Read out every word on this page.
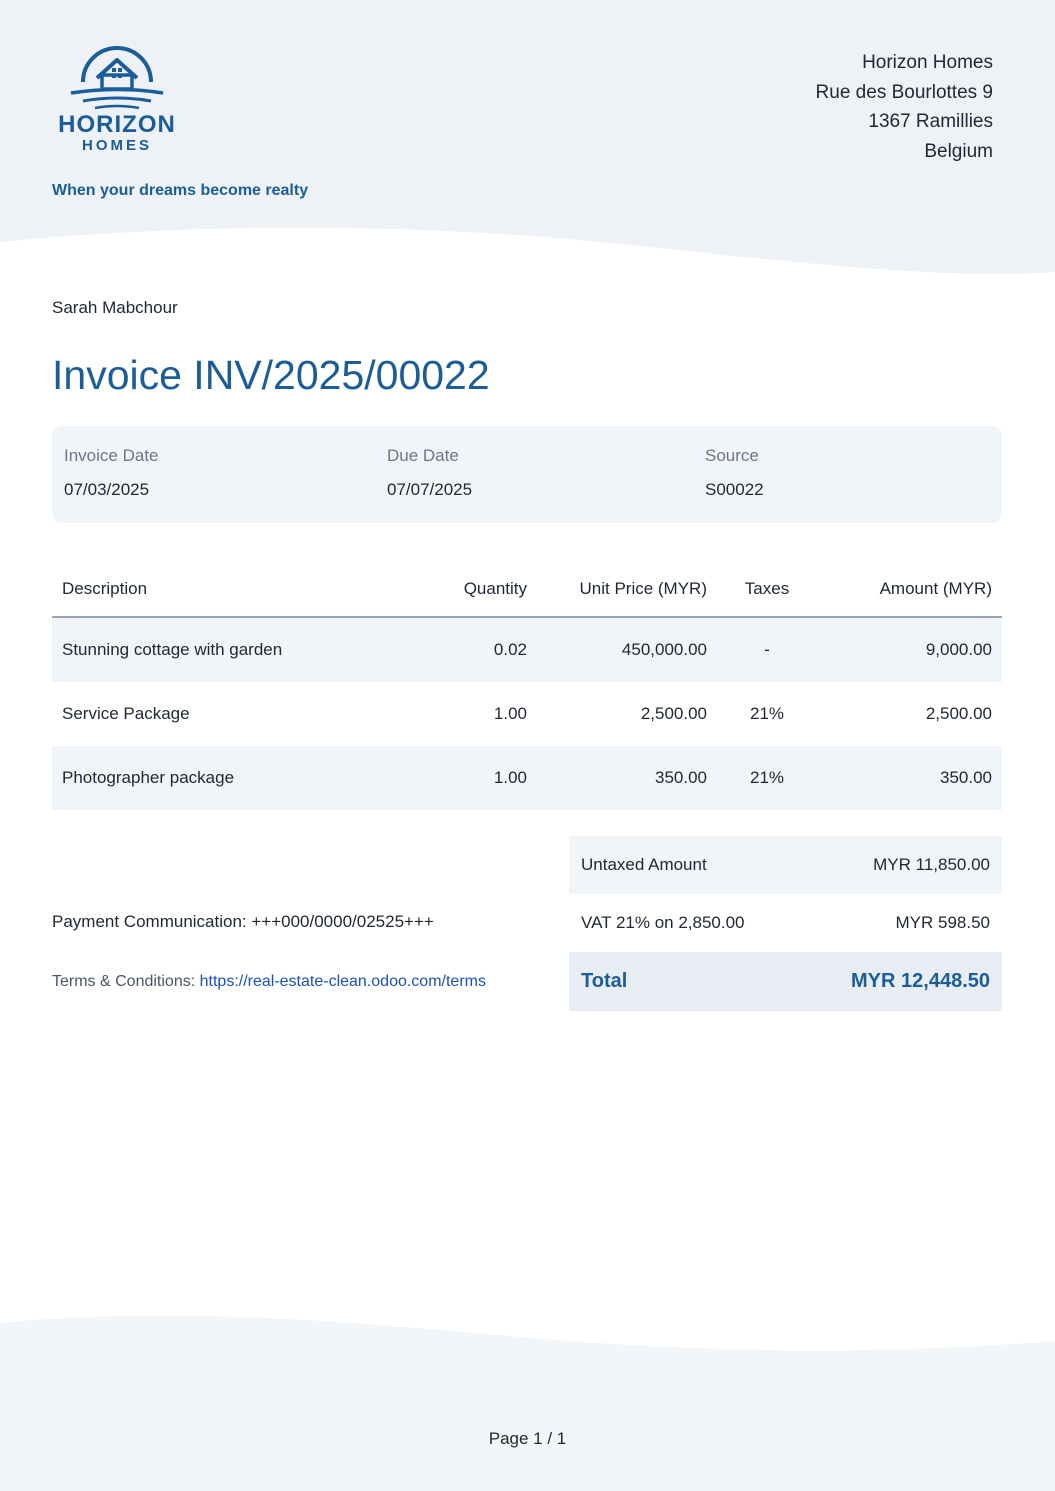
HORIZON
HOMES
When your dreams become realty
Horizon Homes
Rue des Bourlottes 9
1367 Ramillies
Belgium
Sarah Mabchour
Invoice INV/2025/00022
Invoice Date
07/03/2025
Due Date
07/07/2025
Source
S00022
Description	Quantity	Unit Price (MYR)	Taxes	Amount (MYR)
Stunning cottage with garden	0.02	450,000.00	-	9,000.00
Service Package	1.00	2,500.00	21%	2,500.00
Photographer package	1.00	350.00	21%	350.00
Payment Communication: +++000/0000/02525+++
Terms & Conditions: https://real-estate-clean.odoo.com/terms
Untaxed Amount	MYR 11,850.00
VAT 21% on 2,850.00	MYR 598.50
Total	MYR 12,448.50
Page 1 / 1
